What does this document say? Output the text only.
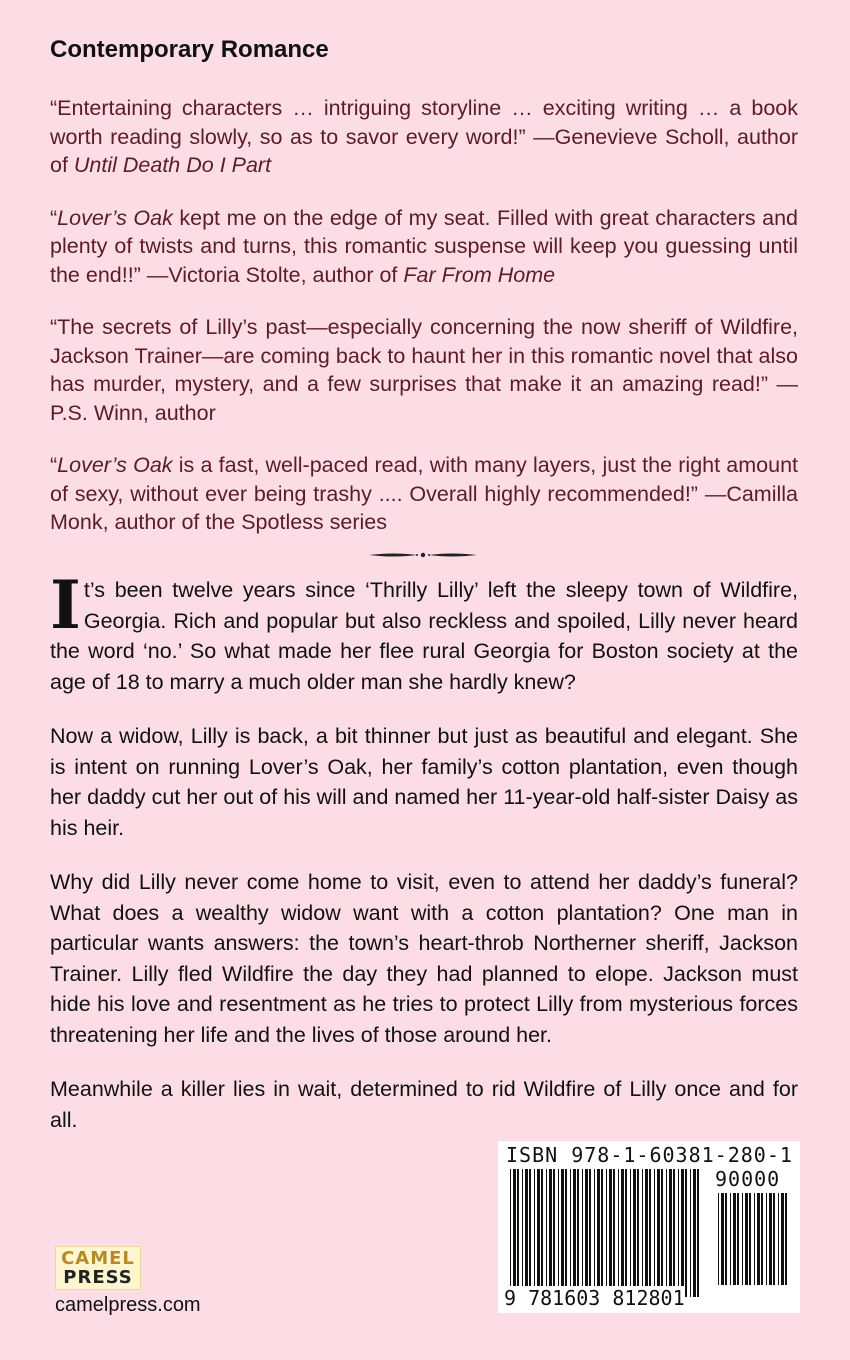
Contemporary Romance

“Entertaining characters … intriguing storyline … exciting writing … a book worth reading slowly, so as to savor every word!” —Genevieve Scholl, author of Until Death Do I Part

“Lover’s Oak kept me on the edge of my seat. Filled with great characters and plenty of twists and turns, this romantic suspense will keep you guessing until the end!!” —Victoria Stolte, author of Far From Home

“The secrets of Lilly’s past—especially concerning the now sheriff of Wildfire, Jackson Trainer—are coming back to haunt her in this romantic novel that also has murder, mystery, and a few surprises that make it an amazing read!” —P.S. Winn, author

“Lover’s Oak is a fast, well-paced read, with many layers, just the right amount of sexy, without ever being trashy .... Overall highly recommended!” —Camilla Monk, author of the Spotless series

It’s been twelve years since ‘Thrilly Lilly’ left the sleepy town of Wildfire, Georgia. Rich and popular but also reckless and spoiled, Lilly never heard the word ‘no.’ So what made her flee rural Georgia for Boston society at the age of 18 to marry a much older man she hardly knew?

Now a widow, Lilly is back, a bit thinner but just as beautiful and elegant. She is intent on running Lover’s Oak, her family’s cotton plantation, even though her daddy cut her out of his will and named her 11-year-old half-sister Daisy as his heir.

Why did Lilly never come home to visit, even to attend her daddy’s funeral? What does a wealthy widow want with a cotton plantation? One man in particular wants answers: the town’s heart-throb Northerner sheriff, Jackson Trainer. Lilly fled Wildfire the day they had planned to elope. Jackson must hide his love and resentment as he tries to protect Lilly from mysterious forces threatening her life and the lives of those around her.

Meanwhile a killer lies in wait, determined to rid Wildfire of Lilly once and for all.

CAMEL
PRESS
camelpress.com
ISBN 978-1-60381-280-1
90000
9 781603 812801
